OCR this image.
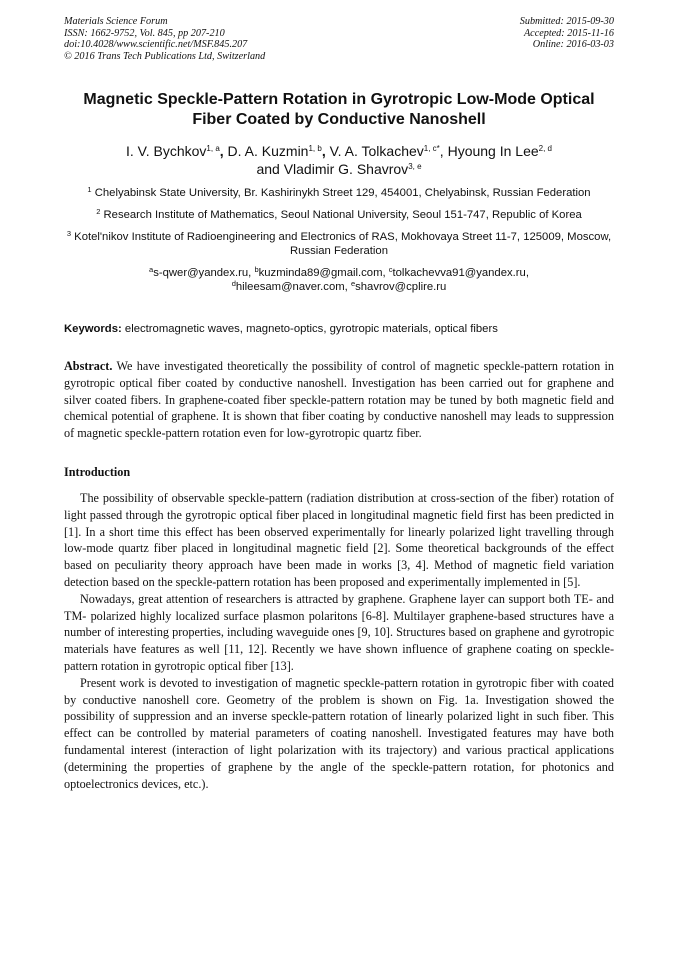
Materials Science Forum
ISSN: 1662-9752, Vol. 845, pp 207-210
doi:10.4028/www.scientific.net/MSF.845.207
© 2016 Trans Tech Publications Ltd, Switzerland
Submitted: 2015-09-30
Accepted: 2015-11-16
Online: 2016-03-03
Magnetic Speckle-Pattern Rotation in Gyrotropic Low-Mode Optical Fiber Coated by Conductive Nanoshell
I. V. Bychkov$^{1, a}$, D. A. Kuzmin$^{1, b}$, V. A. Tolkachev$^{1, c*}$, Hyoung In Lee$^{2, d}$
and Vladimir G. Shavrov$^{3, e}$
$^1$ Chelyabinsk State University, Br. Kashirinykh Street 129, 454001, Chelyabinsk, Russian Federation
$^2$ Research Institute of Mathematics, Seoul National University, Seoul 151-747, Republic of Korea
$^3$ Kotel'nikov Institute of Radioengineering and Electronics of RAS, Mokhovaya Street 11-7, 125009, Moscow, Russian Federation
$^a$s-qwer@yandex.ru, $^b$kuzminda89@gmail.com, $^c$tolkachevva91@yandex.ru,
$^d$hileesam@naver.com, $^e$shavrov@cplire.ru
Keywords: electromagnetic waves, magneto-optics, gyrotropic materials, optical fibers

Abstract. We have investigated theoretically the possibility of control of magnetic speckle-pattern rotation in gyrotropic optical fiber coated by conductive nanoshell. Investigation has been carried out for graphene and silver coated fibers. In graphene-coated fiber speckle-pattern rotation may be tuned by both magnetic field and chemical potential of graphene. It is shown that fiber coating by conductive nanoshell may leads to suppression of magnetic speckle-pattern rotation even for low-gyrotropic quartz fiber.

Introduction

The possibility of observable speckle-pattern (radiation distribution at cross-section of the fiber) rotation of light passed through the gyrotropic optical fiber placed in longitudinal magnetic field first has been predicted in [1]. In a short time this effect has been observed experimentally for linearly polarized light travelling through low-mode quartz fiber placed in longitudinal magnetic field [2]. Some theoretical backgrounds of the effect based on peculiarity theory approach have been made in works [3, 4]. Method of magnetic field variation detection based on the speckle-pattern rotation has been proposed and experimentally implemented in [5].

Nowadays, great attention of researchers is attracted by graphene. Graphene layer can support both TE- and TM- polarized highly localized surface plasmon polaritons [6-8]. Multilayer graphene-based structures have a number of interesting properties, including waveguide ones [9, 10]. Structures based on graphene and gyrotropic materials have features as well [11, 12]. Recently we have shown influence of graphene coating on speckle-pattern rotation in gyrotropic optical fiber [13].

Present work is devoted to investigation of magnetic speckle-pattern rotation in gyrotropic fiber with coated by conductive nanoshell core. Geometry of the problem is shown on Fig. 1a. Investigation showed the possibility of suppression and an inverse speckle-pattern rotation of linearly polarized light in such fiber. This effect can be controlled by material parameters of coating nanoshell. Investigated features may have both fundamental interest (interaction of light polarization with its trajectory) and various practical applications (determining the properties of graphene by the angle of the speckle-pattern rotation, for photonics and optoelectronics devices, etc.).
